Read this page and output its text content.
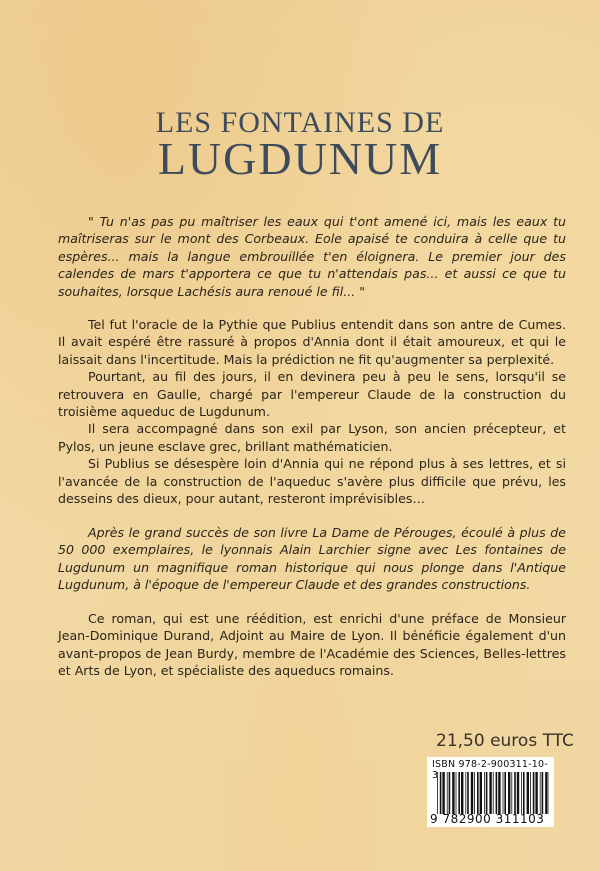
LES FONTAINES DE
LUGDUNUM

" Tu n'as pas pu maîtriser les eaux qui t'ont amené ici, mais les eaux tu maîtriseras sur le mont des Corbeaux. Eole apaisé te conduira à celle que tu espères... mais la langue embrouillée t'en éloignera. Le premier jour des calendes de mars t'apportera ce que tu n'attendais pas... et aussi ce que tu souhaites, lorsque Lachésis aura renoué le fil... "

Tel fut l'oracle de la Pythie que Publius entendit dans son antre de Cumes. Il avait espéré être rassuré à propos d'Annia dont il était amoureux, et qui le laissait dans l'incertitude. Mais la prédiction ne fit qu'augmenter sa perplexité.

Pourtant, au fil des jours, il en devinera peu à peu le sens, lorsqu'il se retrouvera en Gaulle, chargé par l'empereur Claude de la construction du troisième aqueduc de Lugdunum.

Il sera accompagné dans son exil par Lyson, son ancien précepteur, et Pylos, un jeune esclave grec, brillant mathématicien.

Si Publius se désespère loin d'Annia qui ne répond plus à ses lettres, et si l'avancée de la construction de l'aqueduc s'avère plus difficile que prévu, les desseins des dieux, pour autant, resteront imprévisibles…

Après le grand succès de son livre La Dame de Pérouges, écoulé à plus de 50 000 exemplaires, le lyonnais Alain Larchier signe avec Les fontaines de Lugdunum un magnifique roman historique qui nous plonge dans l'Antique Lugdunum, à l'époque de l'empereur Claude et des grandes constructions.

Ce roman, qui est une réédition, est enrichi d'une préface de Monsieur Jean-Dominique Durand, Adjoint au Maire de Lyon. Il bénéficie également d'un avant-propos de Jean Burdy, membre de l'Académie des Sciences, Belles-lettres et Arts de Lyon, et spécialiste des aqueducs romains.

21,50 euros TTC
ISBN 978-2-900311-10-3
9 782900 311103
